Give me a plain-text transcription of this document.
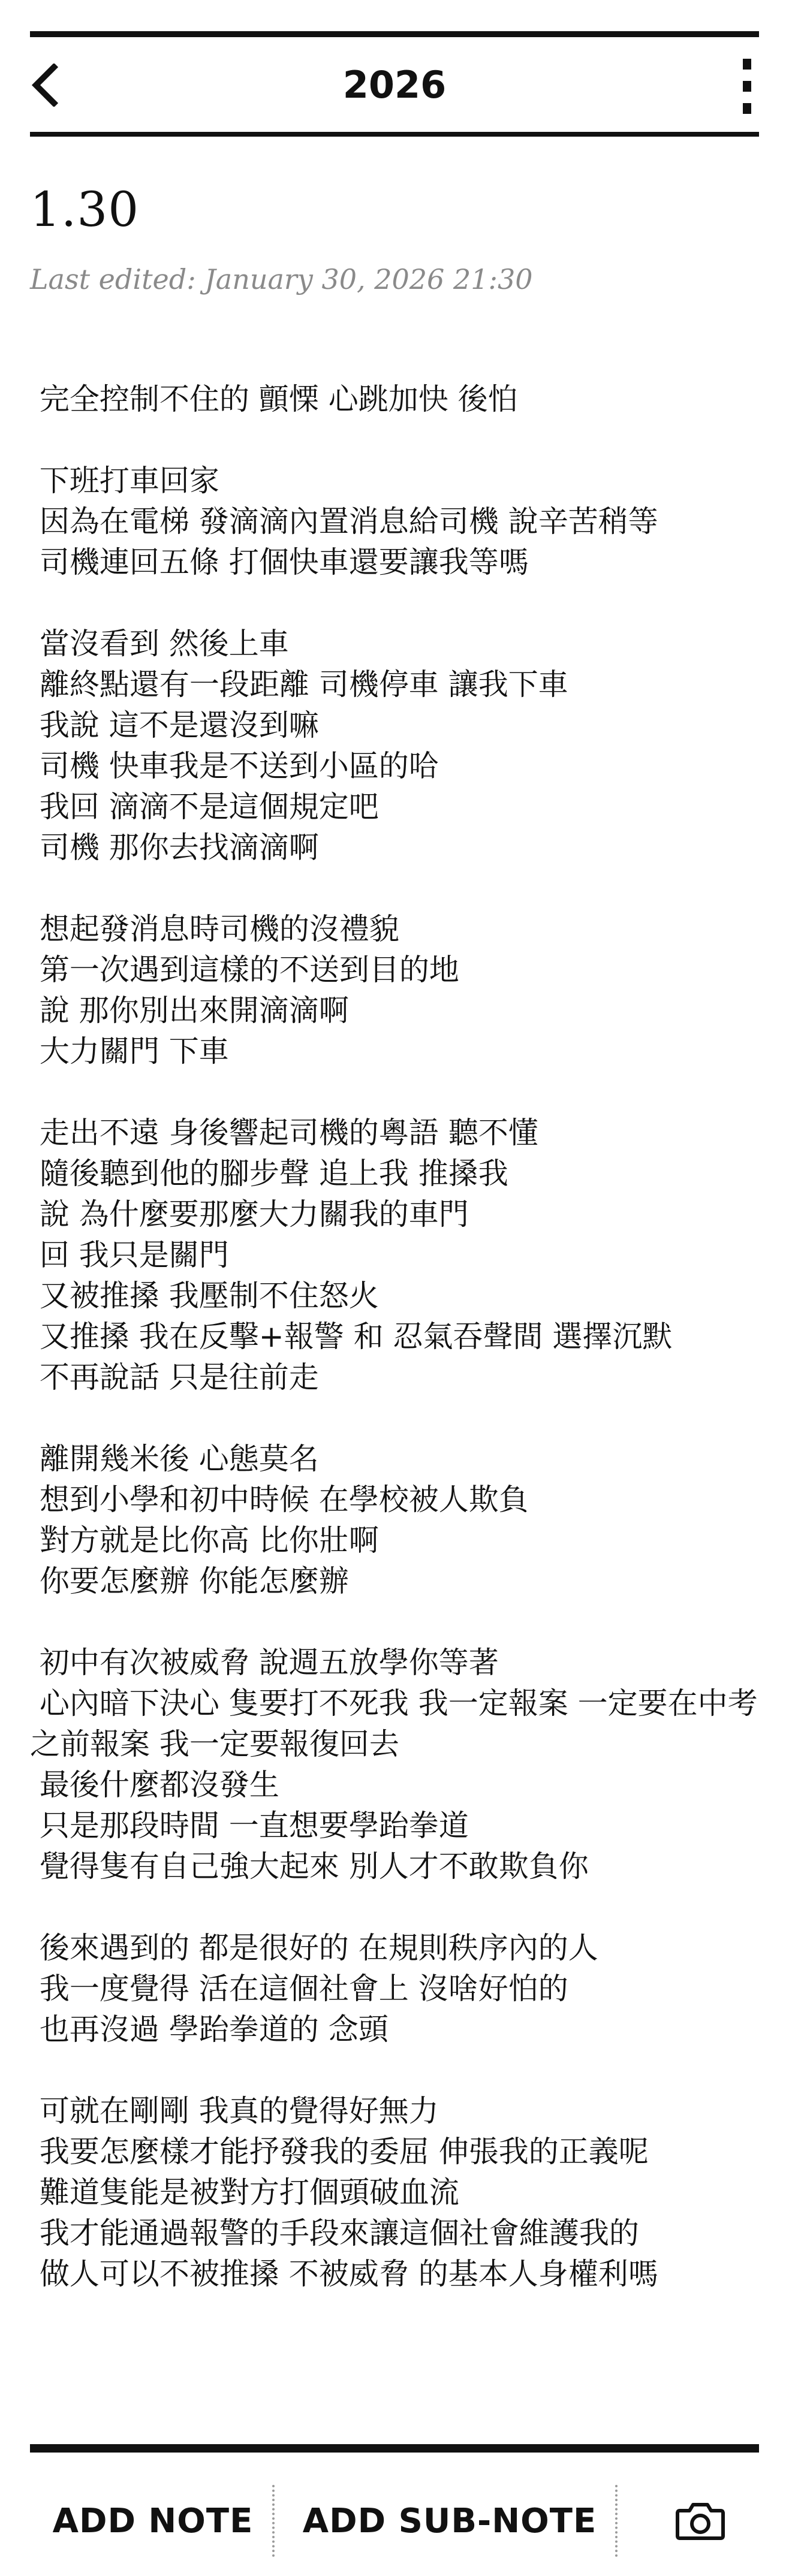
2026
1.30
Last edited: January 30, 2026 21:30
完全控制不住的 顫慄 心跳加快 後怕

下班打車回家
因為在電梯 發滴滴內置消息給司機 說辛苦稍等
司機連回五條 打個快車還要讓我等嗎

當沒看到 然後上車
離終點還有一段距離 司機停車 讓我下車
我說 這不是還沒到嘛
司機 快車我是不送到小區的哈
我回 滴滴不是這個規定吧
司機 那你去找滴滴啊

想起發消息時司機的沒禮貌
第一次遇到這樣的不送到目的地
說 那你別出來開滴滴啊
大力關門 下車

走出不遠 身後響起司機的粵語 聽不懂
隨後聽到他的腳步聲 追上我 推搡我
說 為什麼要那麼大力關我的車門
回 我只是關門
又被推搡 我壓制不住怒火
又推搡 我在反擊+報警 和 忍氣吞聲間 選擇沉默
不再說話 只是往前走

離開幾米後 心態莫名
想到小學和初中時候 在學校被人欺負
對方就是比你高 比你壯啊
你要怎麼辦 你能怎麼辦

初中有次被威脅 說週五放學你等著
心內暗下決心 隻要打不死我 我一定報案 一定要在中考之前報案 我一定要報復回去
最後什麼都沒發生
只是那段時間 一直想要學跆拳道
覺得隻有自己強大起來 別人才不敢欺負你

後來遇到的 都是很好的 在規則秩序內的人
我一度覺得 活在這個社會上 沒啥好怕的
也再沒過 學跆拳道的 念頭

可就在剛剛 我真的覺得好無力
我要怎麼樣才能抒發我的委屈 伸張我的正義呢
難道隻能是被對方打個頭破血流
我才能通過報警的手段來讓這個社會維護我的
做人可以不被推搡 不被威脅 的基本人身權利嗎
ADD NOTE	ADD SUB-NOTE
